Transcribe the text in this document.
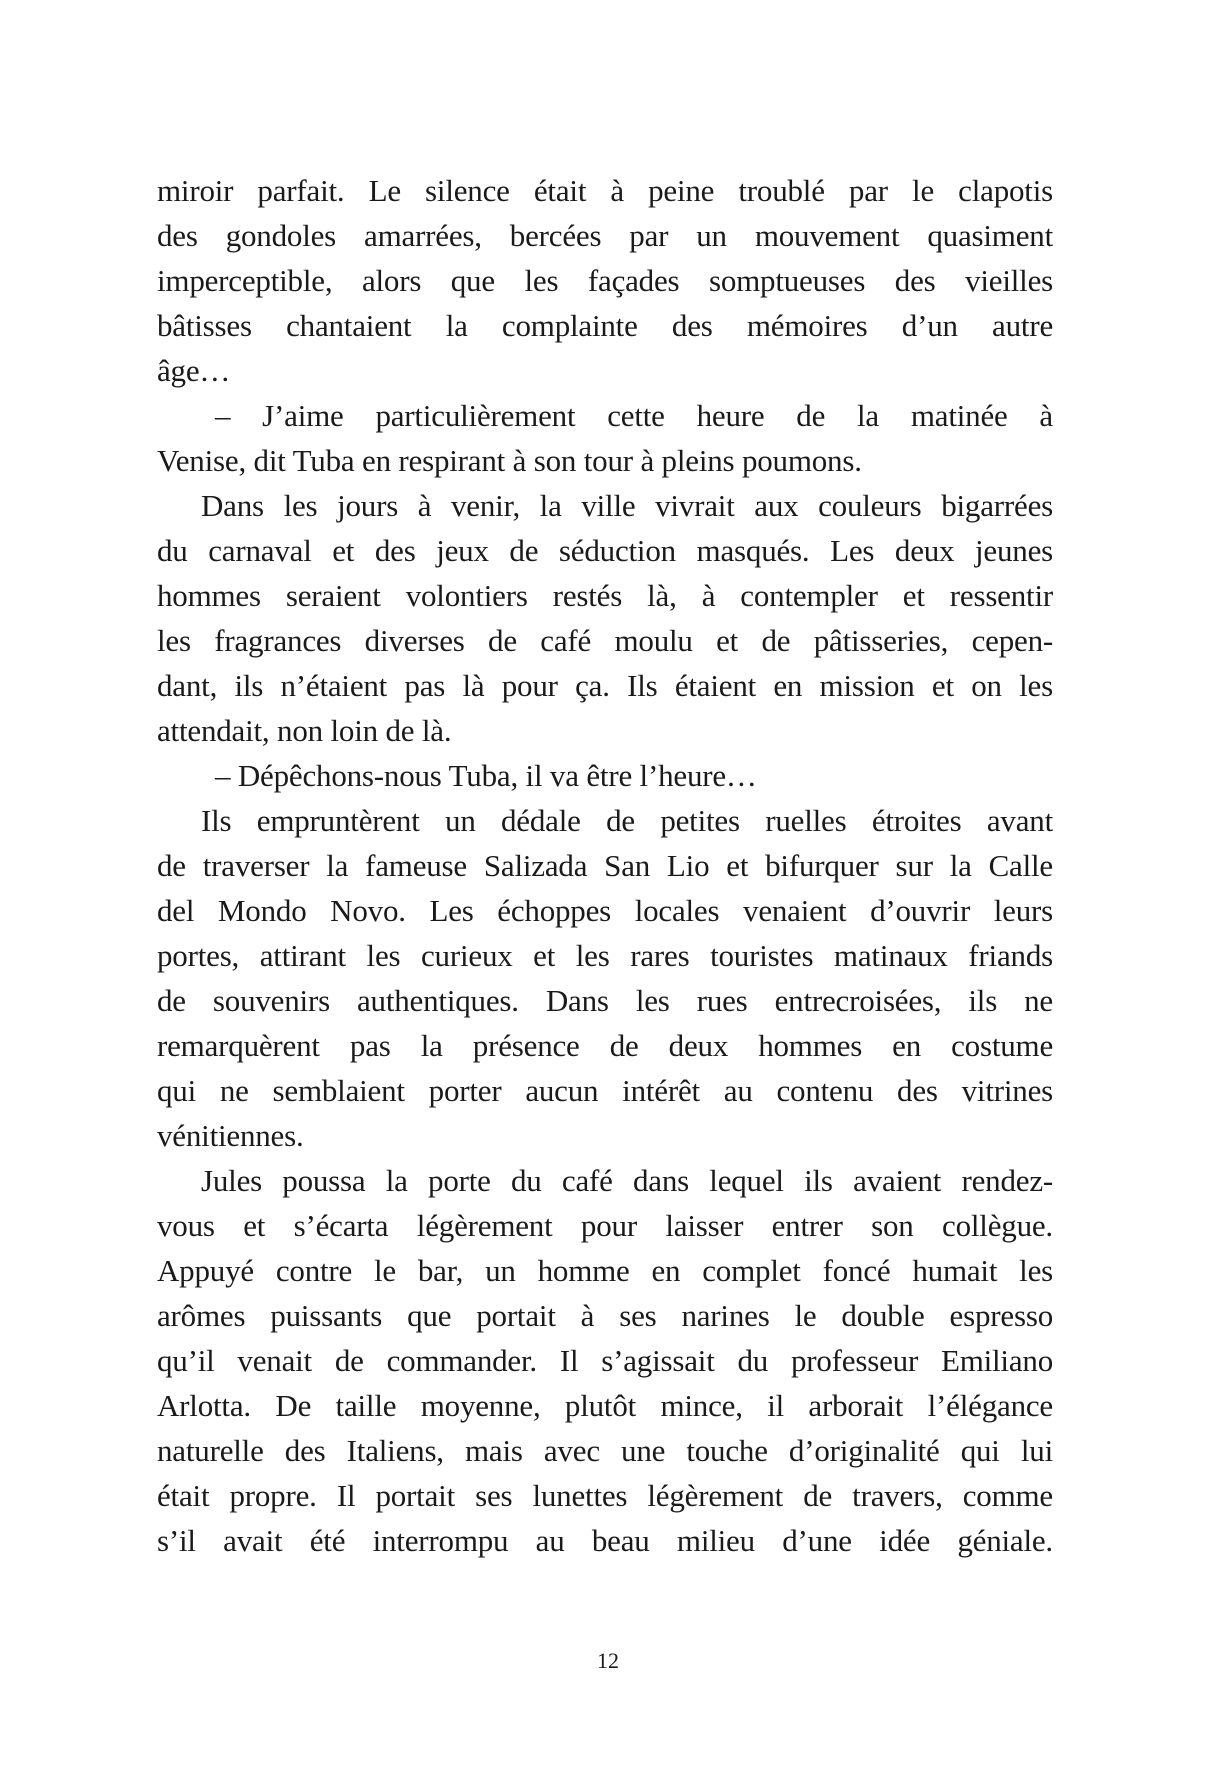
miroir parfait. Le silence était à peine troublé par le clapotis
des gondoles amarrées, bercées par un mouvement quasiment
imperceptible, alors que les façades somptueuses des vieilles
bâtisses chantaient la complainte des mémoires d’un autre
âge…
– J’aime particulièrement cette heure de la matinée à
Venise, dit Tuba en respirant à son tour à pleins poumons.
Dans les jours à venir, la ville vivrait aux couleurs bigarrées
du carnaval et des jeux de séduction masqués. Les deux jeunes
hommes seraient volontiers restés là, à contempler et ressentir
les fragrances diverses de café moulu et de pâtisseries, cepen-
dant, ils n’étaient pas là pour ça. Ils étaient en mission et on les
attendait, non loin de là.
– Dépêchons-nous Tuba, il va être l’heure…
Ils empruntèrent un dédale de petites ruelles étroites avant
de traverser la fameuse Salizada San Lio et bifurquer sur la Calle
del Mondo Novo. Les échoppes locales venaient d’ouvrir leurs
portes, attirant les curieux et les rares touristes matinaux friands
de souvenirs authentiques. Dans les rues entrecroisées, ils ne
remarquèrent pas la présence de deux hommes en costume
qui ne semblaient porter aucun intérêt au contenu des vitrines
vénitiennes.
Jules poussa la porte du café dans lequel ils avaient rendez-
vous et s’écarta légèrement pour laisser entrer son collègue.
Appuyé contre le bar, un homme en complet foncé humait les
arômes puissants que portait à ses narines le double espresso
qu’il venait de commander. Il s’agissait du professeur Emiliano
Arlotta. De taille moyenne, plutôt mince, il arborait l’élégance
naturelle des Italiens, mais avec une touche d’originalité qui lui
était propre. Il portait ses lunettes légèrement de travers, comme
s’il avait été interrompu au beau milieu d’une idée géniale.
12
